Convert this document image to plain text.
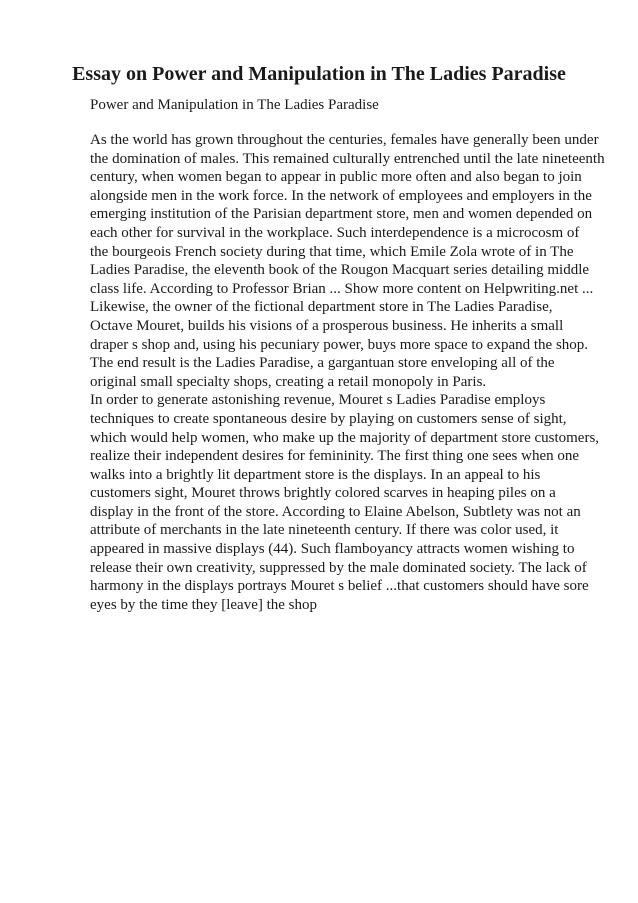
Essay on Power and Manipulation in The Ladies Paradise

Power and Manipulation in The Ladies Paradise

As the world has grown throughout the centuries, females have generally been under
the domination of males. This remained culturally entrenched until the late nineteenth
century, when women began to appear in public more often and also began to join
alongside men in the work force. In the network of employees and employers in the
emerging institution of the Parisian department store, men and women depended on
each other for survival in the workplace. Such interdependence is a microcosm of
the bourgeois French society during that time, which Emile Zola wrote of in The
Ladies Paradise, the eleventh book of the Rougon Macquart series detailing middle
class life. According to Professor Brian ... Show more content on Helpwriting.net ...
Likewise, the owner of the fictional department store in The Ladies Paradise,
Octave Mouret, builds his visions of a prosperous business. He inherits a small
draper s shop and, using his pecuniary power, buys more space to expand the shop.
The end result is the Ladies Paradise, a gargantuan store enveloping all of the
original small specialty shops, creating a retail monopoly in Paris.
In order to generate astonishing revenue, Mouret s Ladies Paradise employs
techniques to create spontaneous desire by playing on customers sense of sight,
which would help women, who make up the majority of department store customers,
realize their independent desires for femininity. The first thing one sees when one
walks into a brightly lit department store is the displays. In an appeal to his
customers sight, Mouret throws brightly colored scarves in heaping piles on a
display in the front of the store. According to Elaine Abelson, Subtlety was not an
attribute of merchants in the late nineteenth century. If there was color used, it
appeared in massive displays (44). Such flamboyancy attracts women wishing to
release their own creativity, suppressed by the male dominated society. The lack of
harmony in the displays portrays Mouret s belief ...that customers should have sore
eyes by the time they [leave] the shop
